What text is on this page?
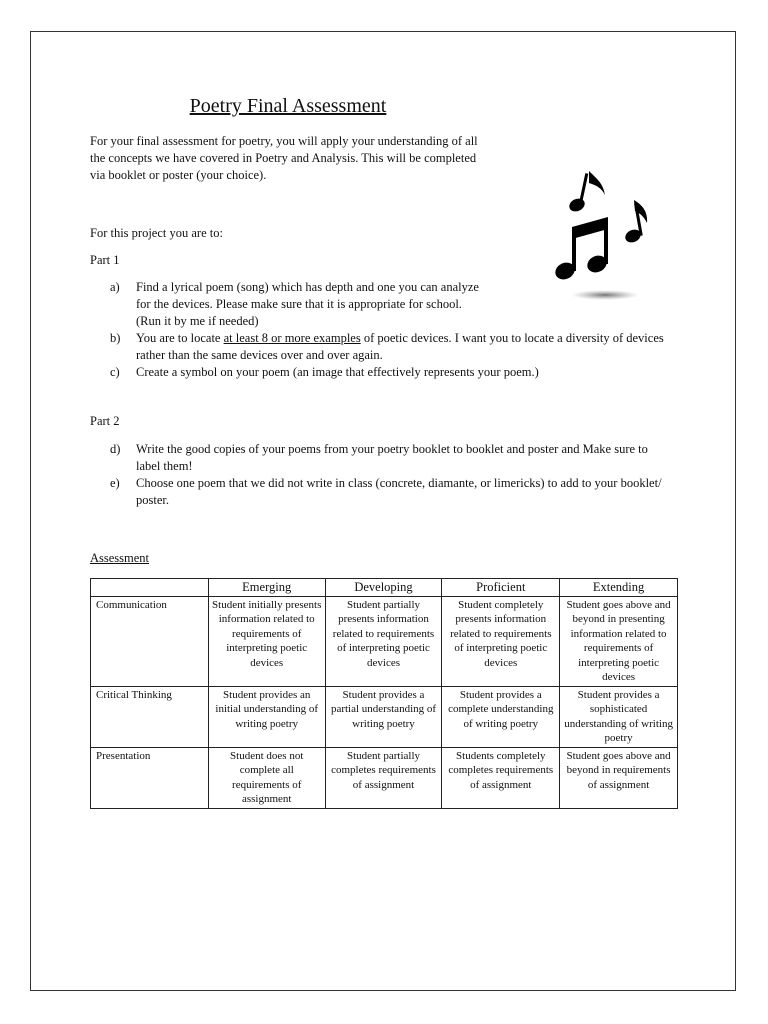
Poetry Final Assessment
For your final assessment for poetry, you will apply your understanding of all the concepts we have covered in Poetry and Analysis. This will be completed via booklet or poster (your choice).
For this project you are to:
Part 1
a) Find a lyrical poem (song) which has depth and one you can analyze for the devices. Please make sure that it is appropriate for school. (Run it by me if needed)
b) You are to locate at least 8 or more examples of poetic devices. I want you to locate a diversity of devices rather than the same devices over and over again.
c) Create a symbol on your poem (an image that effectively represents your poem.)
Part 2
d) Write the good copies of your poems from your poetry booklet to booklet and poster and Make sure to label them!
e) Choose one poem that we did not write in class (concrete, diamante, or limericks) to add to your booklet/ poster.
Assessment
	Emerging	Developing	Proficient	Extending
Communication	Student initially presents information related to requirements of interpreting poetic devices	Student partially presents information related to requirements of interpreting poetic devices	Student completely presents information related to requirements of interpreting poetic devices	Student goes above and beyond in presenting information related to requirements of interpreting poetic devices
Critical Thinking	Student provides an initial understanding of writing poetry	Student provides a partial understanding of writing poetry	Student provides a complete understanding of writing poetry	Student provides a sophisticated understanding of writing poetry
Presentation	Student does not complete all requirements of assignment	Student partially completes requirements of assignment	Students completely completes requirements of assignment	Student goes above and beyond in requirements of assignment
